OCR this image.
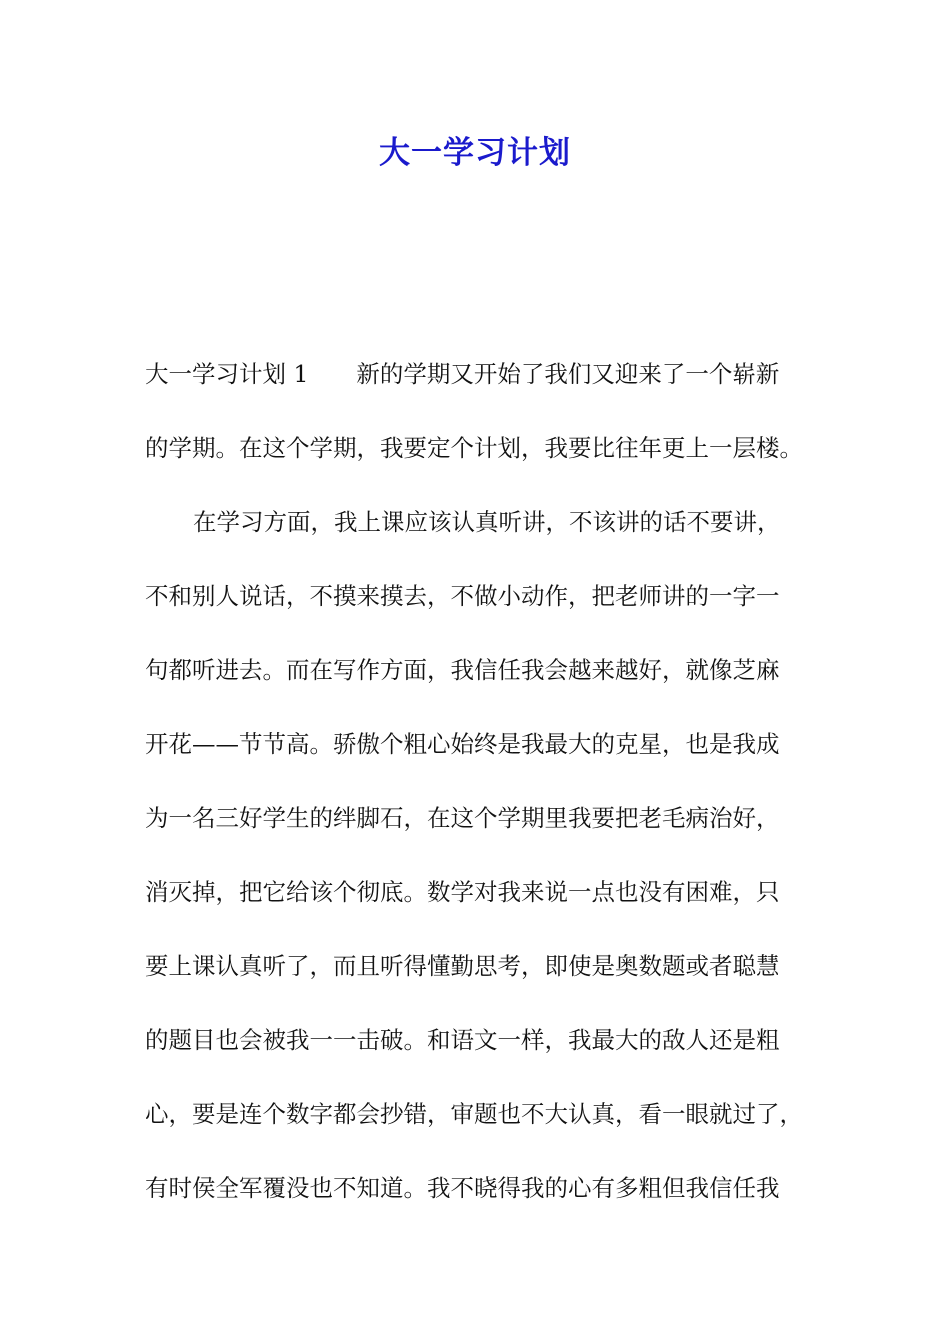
大一学习计划
大一学习计划 1 新的学期又开始了我们又迎来了一个崭新
的学期。在这个学期，我要定个计划，我要比往年更上一层楼。
在学习方面，我上课应该认真听讲，不该讲的话不要讲，
不和别人说话，不摸来摸去，不做小动作，把老师讲的一字一
句都听进去。而在写作方面，我信任我会越来越好，就像芝麻
开花——节节高。骄傲个粗心始终是我最大的克星，也是我成
为一名三好学生的绊脚石，在这个学期里我要把老毛病治好，
消灭掉，把它给该个彻底。数学对我来说一点也没有困难，只
要上课认真听了，而且听得懂勤思考，即使是奥数题或者聪慧
的题目也会被我一一击破。和语文一样，我最大的敌人还是粗
心，要是连个数字都会抄错，审题也不大认真，看一眼就过了，
有时侯全军覆没也不知道。我不晓得我的心有多粗但我信任我
